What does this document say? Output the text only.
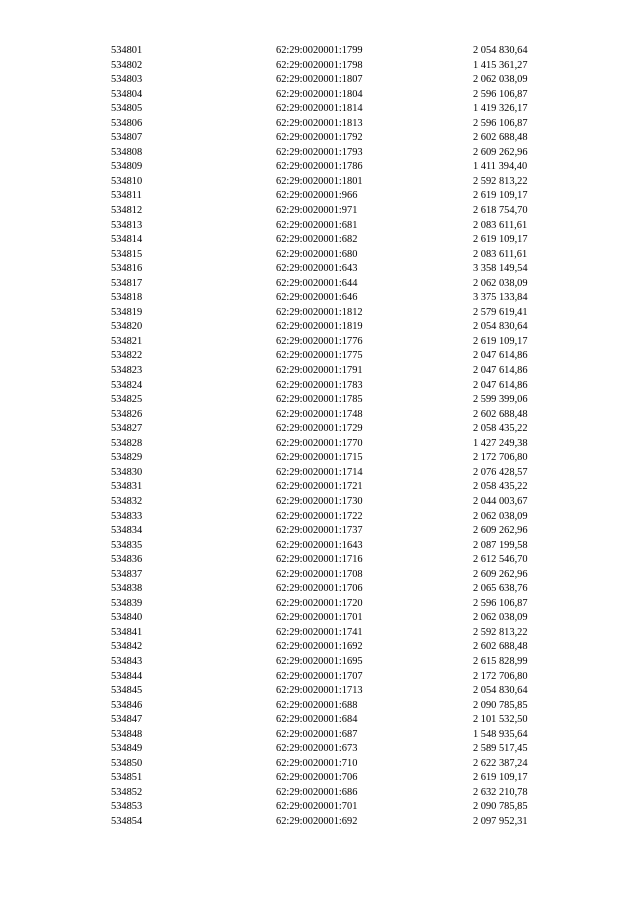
534801	62:29:0020001:1799	2 054 830,64
534802	62:29:0020001:1798	1 415 361,27
534803	62:29:0020001:1807	2 062 038,09
534804	62:29:0020001:1804	2 596 106,87
534805	62:29:0020001:1814	1 419 326,17
534806	62:29:0020001:1813	2 596 106,87
534807	62:29:0020001:1792	2 602 688,48
534808	62:29:0020001:1793	2 609 262,96
534809	62:29:0020001:1786	1 411 394,40
534810	62:29:0020001:1801	2 592 813,22
534811	62:29:0020001:966	2 619 109,17
534812	62:29:0020001:971	2 618 754,70
534813	62:29:0020001:681	2 083 611,61
534814	62:29:0020001:682	2 619 109,17
534815	62:29:0020001:680	2 083 611,61
534816	62:29:0020001:643	3 358 149,54
534817	62:29:0020001:644	2 062 038,09
534818	62:29:0020001:646	3 375 133,84
534819	62:29:0020001:1812	2 579 619,41
534820	62:29:0020001:1819	2 054 830,64
534821	62:29:0020001:1776	2 619 109,17
534822	62:29:0020001:1775	2 047 614,86
534823	62:29:0020001:1791	2 047 614,86
534824	62:29:0020001:1783	2 047 614,86
534825	62:29:0020001:1785	2 599 399,06
534826	62:29:0020001:1748	2 602 688,48
534827	62:29:0020001:1729	2 058 435,22
534828	62:29:0020001:1770	1 427 249,38
534829	62:29:0020001:1715	2 172 706,80
534830	62:29:0020001:1714	2 076 428,57
534831	62:29:0020001:1721	2 058 435,22
534832	62:29:0020001:1730	2 044 003,67
534833	62:29:0020001:1722	2 062 038,09
534834	62:29:0020001:1737	2 609 262,96
534835	62:29:0020001:1643	2 087 199,58
534836	62:29:0020001:1716	2 612 546,70
534837	62:29:0020001:1708	2 609 262,96
534838	62:29:0020001:1706	2 065 638,76
534839	62:29:0020001:1720	2 596 106,87
534840	62:29:0020001:1701	2 062 038,09
534841	62:29:0020001:1741	2 592 813,22
534842	62:29:0020001:1692	2 602 688,48
534843	62:29:0020001:1695	2 615 828,99
534844	62:29:0020001:1707	2 172 706,80
534845	62:29:0020001:1713	2 054 830,64
534846	62:29:0020001:688	2 090 785,85
534847	62:29:0020001:684	2 101 532,50
534848	62:29:0020001:687	1 548 935,64
534849	62:29:0020001:673	2 589 517,45
534850	62:29:0020001:710	2 622 387,24
534851	62:29:0020001:706	2 619 109,17
534852	62:29:0020001:686	2 632 210,78
534853	62:29:0020001:701	2 090 785,85
534854	62:29:0020001:692	2 097 952,31
